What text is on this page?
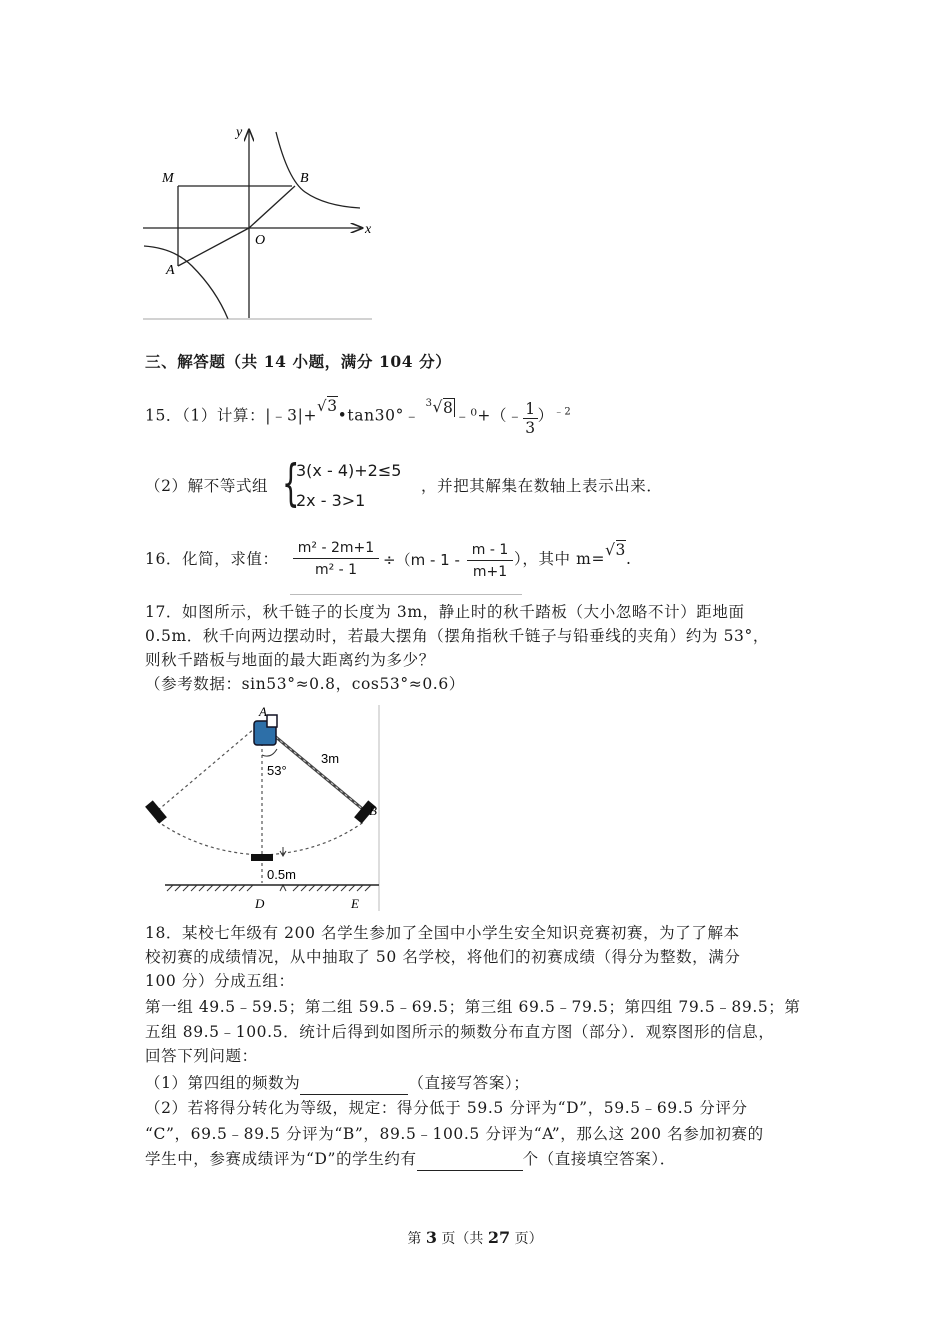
y
x
M	B
O
A
三、解答题（共 14 小题，满分 104 分）
15．（1）计算：|﹣3|+√3•tan30°﹣ $^3$√8﹣⁰+（﹣ $\frac{1}{3} )^{﹣2}$
（2）解不等式组 {
3(x - 4)+2≤5
2x - 3>1
，并把其解集在数轴上表示出来．
16．化简，求值：
m² - 2m+1
m² - 1
÷（m - 1 -
m - 1
m+1
），其中 m=√3.
17．如图所示，秋千链子的长度为 3m，静止时的秋千踏板（大小忽略不计）距地面
0.5m．秋千向两边摆动时，若最大摆角（摆角指秋千链子与铅垂线的夹角）约为 53°，
则秋千踏板与地面的最大距离约为多少？
（参考数据：sin53°≈0.8，cos53°≈0.6）
A
B
D	E
3m
53°
0.5m
18．某校七年级有 200 名学生参加了全国中小学生安全知识竞赛初赛，为了了解本
校初赛的成绩情况，从中抽取了 50 名学校，将他们的初赛成绩（得分为整数，满分
100 分）分成五组：
第一组 49.5﹣59.5；第二组 59.5﹣69.5；第三组 69.5﹣79.5；第四组 79.5﹣89.5；第
五组 89.5﹣100.5．统计后得到如图所示的频数分布直方图（部分）．观察图形的信息，
回答下列问题：
（1）第四组的频数为	（直接写答案）；
（2）若将得分转化为等级，规定：得分低于 59.5 分评为“D”，59.5﹣69.5 分评分
“C”，69.5﹣89.5 分评为“B”，89.5﹣100.5 分评为“A”，那么这 200 名参加初赛的
学生中，参赛成绩评为“D”的学生约有	个（直接填空答案）．
第 3 页（共 27 页）
